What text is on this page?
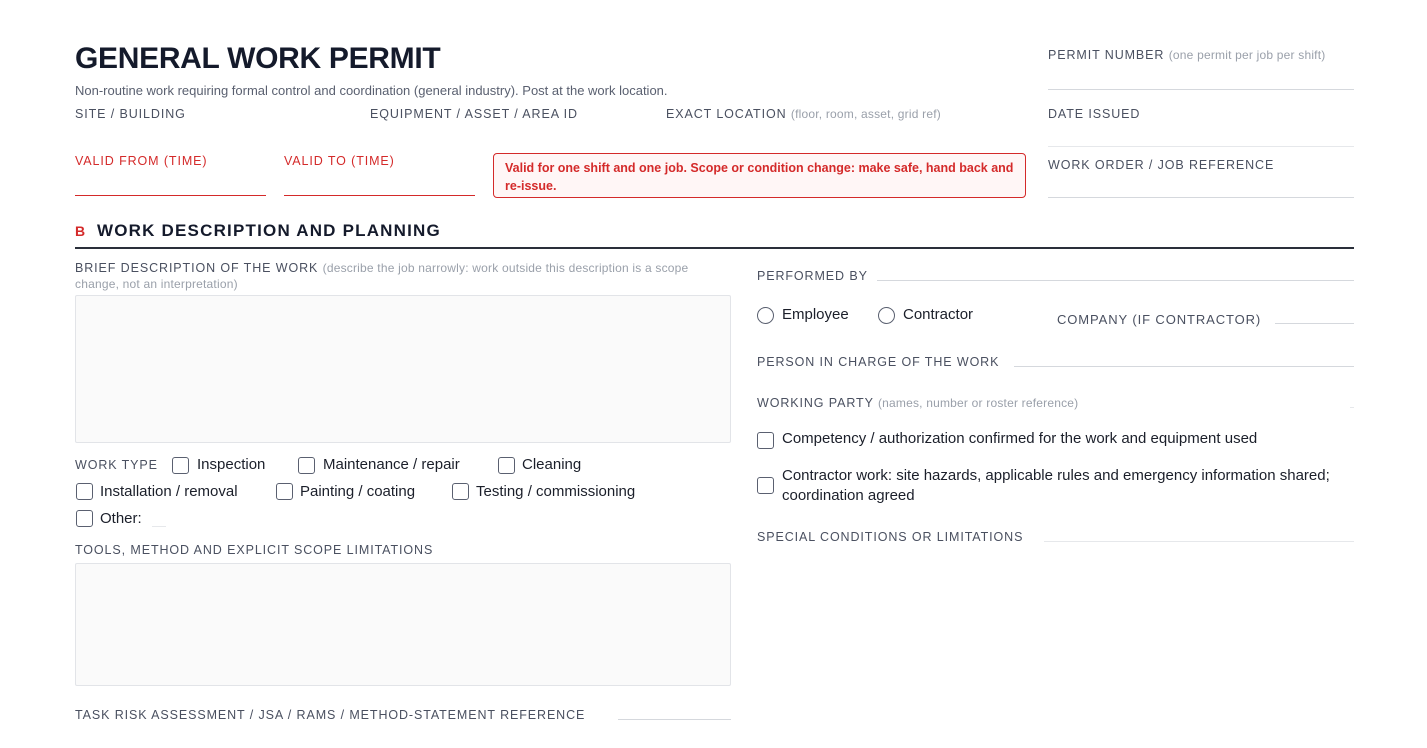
GENERAL WORK PERMIT
Non-routine work requiring formal control and coordination (general industry). Post at the work location.
PERMIT NUMBER (one permit per job per shift)
SITE / BUILDING	EQUIPMENT / ASSET / AREA ID	EXACT LOCATION (floor, room, asset, grid ref)	DATE ISSUED
VALID FROM (TIME)	VALID TO (TIME)	Valid for one shift and one job. Scope or condition change: make safe, hand back and re-issue.
WORK ORDER / JOB REFERENCE
B WORK DESCRIPTION AND PLANNING
BRIEF DESCRIPTION OF THE WORK (describe the job narrowly: work outside this description is a scope change, not an interpretation)
WORK TYPE	Inspection	Maintenance / repair	Cleaning
Installation / removal	Painting / coating	Testing / commissioning
Other:
TOOLS, METHOD AND EXPLICIT SCOPE LIMITATIONS
TASK RISK ASSESSMENT / JSA / RAMS / METHOD-STATEMENT REFERENCE
PERFORMED BY
Employee	Contractor	COMPANY (IF CONTRACTOR)
PERSON IN CHARGE OF THE WORK
WORKING PARTY (names, number or roster reference)
Competency / authorization confirmed for the work and equipment used
Contractor work: site hazards, applicable rules and emergency information shared; coordination agreed
SPECIAL CONDITIONS OR LIMITATIONS
